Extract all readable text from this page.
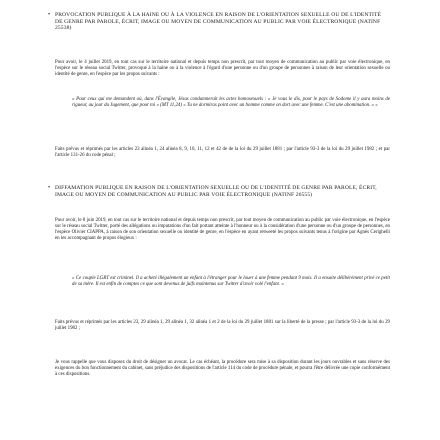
• PROVOCATION PUBLIQUE À LA HAINE OU À LA VIOLENCE EN RAISON DE L'ORIENTATION SEXUELLE OU DE L'IDENTITÉ DE GENRE PAR PAROLE, ÉCRIT, IMAGE OU MOYEN DE COMMUNICATION AU PUBLIC PAR VOIE ÉLECTRONIQUE (NATINF 25538)
Pour avoir, le 4 juillet 2019, en tout cas sur le territoire national et depuis temps non prescrit, par tout moyen de communication au public par voie électronique, en l'espèce sur le réseau social Twitter, provoqué à la haine ou à la violence à l'égard d'une personne ou d'un groupe de personnes à raison de leur orientation sexuelle ou identité de genre, en l'espèce par les propos suivants :
« Pour ceux qui me demandent où, dans l'Évangile, Jésus condamnerait les actes homosexuels : « Je vous le dis, pour le pays de Sodome il y aura moins de rigueur, au jour du Jugement, que pour toi » (MT 11,24) « Tu ne dormiras point avec un homme comme on dort avec une femme. C'est une abomination. » »
Faits prévus et réprimés par les articles 23 alinéa 1, 24 alinéa 8, 9, 10, 11, 12 et 42 de de la loi du 29 juillet 1881 ; par l'article 93-3 de la loi du 29 juillet 1982 ; et par l'article 131-26 du code pénal ;
• DIFFAMATION PUBLIQUE EN RAISON DE L'ORIENTATION SEXUELLE OU DE L'IDENTITÉ DE GENRE PAR PAROLE, ÉCRIT, IMAGE OU MOYEN DE COMMUNICATION AU PUBLIC PAR VOIE ÉLECTRONIQUE (NATINF 26555)
Pour avoir, le 8 juin 2019, en tout cas sur le territoire national et depuis temps non prescrit, par tout moyen de communication au public par voie électronique, en l'espèce sur le réseau social Twitter, porté des allégations ou imputations d'un fait portant atteinte à l'honneur ou à la considération d'une personne ou d'un groupe de personnes, en l'espèce Olivier CIAPPA, à raison de son orientation sexuelle ou identité de genre, en l'espèce en ayant retweeté les propos suivants tenus à l'origine par Agnès Cerighelli en les accompagnant de propos élogieux :
« Ce couple LGBT est criminel. Il a acheté illégalement un enfant à l'étranger pour le louer à une femme pendant 9 mois. Il a ensuite délibérément privé ce petit de sa mère. Il est enfin de comptes ce que sont devenus de juifs maintenus sur Twitter d'avoir volé l'enfant. »
Faits prévus et réprimés par les articles 23, 29 alinéa 1, 29 alinéa 1, 32 alinéa 1 et 2 de la loi du 29 juillet 1881 sur la liberté de la presse ; par l'article 93-3 de la loi du 29 juillet 1982 ;
Je vous rappelle que vous disposez du droit de désigner un avocat. Le cas échéant, la procédure sera mise à sa disposition durant les jours ouvrables et sans réserve des exigences du bon fonctionnement du cabinet, sans préjudice des dispositions de l'article 114 du code de procédure pénale, et pourra l'être délivrée une copie conformément à ces dispositions.
